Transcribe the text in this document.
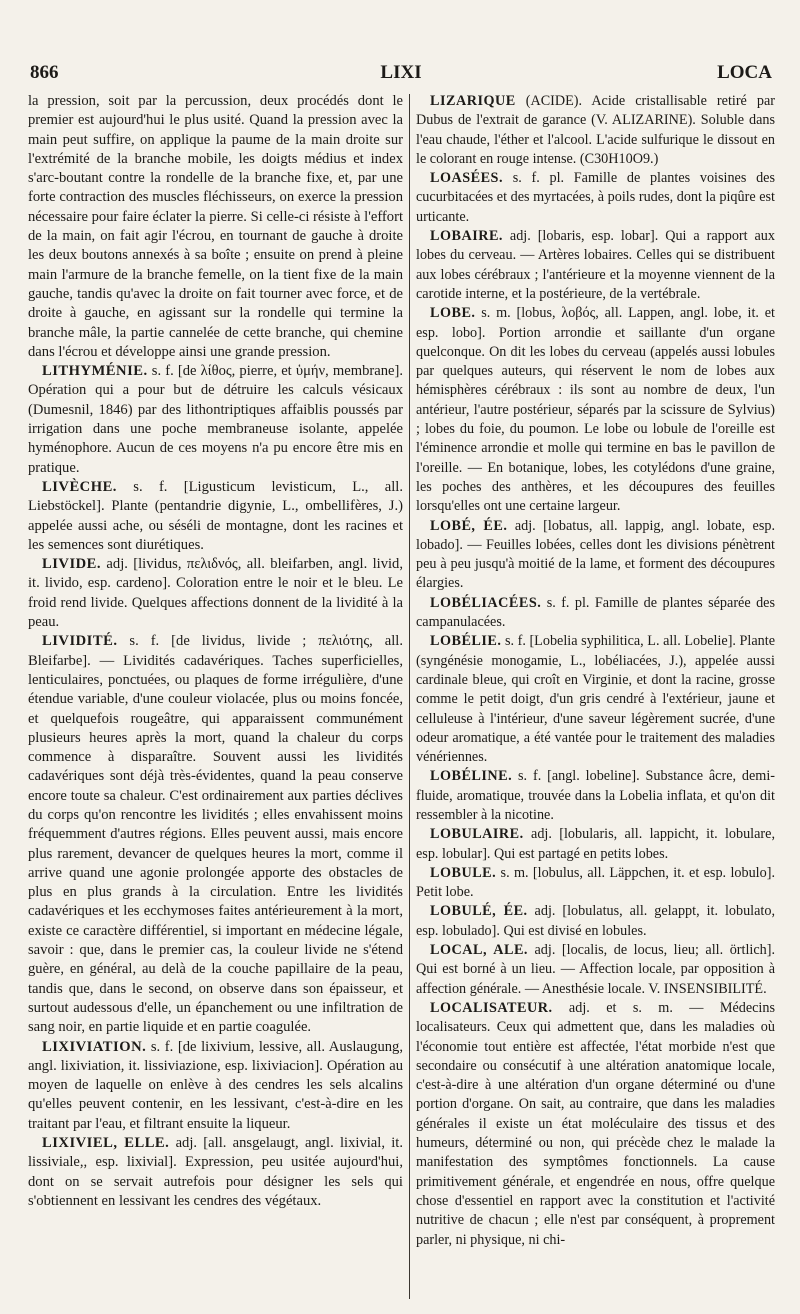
866	LIXI	LOCA

la pression, soit par la percussion, deux procédés dont le premier est aujourd'hui le plus usité. Quand la pression avec la main peut suffire, on applique la paume de la main droite sur l'extrémité de la branche mobile, les doigts médius et index s'arc-boutant contre la rondelle de la branche fixe, et, par une forte contraction des muscles fléchisseurs, on exerce la pression nécessaire pour faire éclater la pierre. Si celle-ci résiste à l'effort de la main, on fait agir l'écrou, en tournant de gauche à droite les deux boutons annexés à sa boîte ; ensuite on prend à pleine main l'armure de la branche femelle, on la tient fixe de la main gauche, tandis qu'avec la droite on fait tourner avec force, et de droite à gauche, en agissant sur la rondelle qui termine la branche mâle, la partie cannelée de cette branche, qui chemine dans l'écrou et développe ainsi une grande pression.

LITHYMÉNIE. s. f. [de λίθος, pierre, et ὑμήν, membrane]. Opération qui a pour but de détruire les calculs vésicaux (Dumesnil, 1846) par des lithontriptiques affaiblis poussés par irrigation dans une poche membraneuse isolante, appelée hyménophore. Aucun de ces moyens n'a pu encore être mis en pratique.

LIVÈCHE. s. f. [Ligusticum levisticum, L., all. Liebstöckel]. Plante (pentandrie digynie, L., ombellifères, J.) appelée aussi ache, ou séséli de montagne, dont les racines et les semences sont diurétiques.

LIVIDE. adj. [lividus, πελιδνός, all. bleifarben, angl. livid, it. livido, esp. cardeno]. Coloration entre le noir et le bleu. Le froid rend livide. Quelques affections donnent de la lividité à la peau.

LIVIDITÉ. s. f. [de lividus, livide ; πελιότης, all. Bleifarbe]. — Lividités cadavériques. Taches superficielles, lenticulaires, ponctuées, ou plaques de forme irrégulière, d'une étendue variable, d'une couleur violacée, plus ou moins foncée, et quelquefois rougeâtre, qui apparaissent communément plusieurs heures après la mort, quand la chaleur du corps commence à disparaître. Souvent aussi les lividités cadavériques sont déjà très-évidentes, quand la peau conserve encore toute sa chaleur. C'est ordinairement aux parties déclives du corps qu'on rencontre les lividités ; elles envahissent moins fréquemment d'autres régions. Elles peuvent aussi, mais encore plus rarement, devancer de quelques heures la mort, comme il arrive quand une agonie prolongée apporte des obstacles de plus en plus grands à la circulation. Entre les lividités cadavériques et les ecchymoses faites antérieurement à la mort, existe ce caractère différentiel, si important en médecine légale, savoir : que, dans le premier cas, la couleur livide ne s'étend guère, en général, au delà de la couche papillaire de la peau, tandis que, dans le second, on observe dans son épaisseur, et surtout audessous d'elle, un épanchement ou une infiltration de sang noir, en partie liquide et en partie coagulée.

LIXIVIATION. s. f. [de lixivium, lessive, all. Auslaugung, angl. lixiviation, it. lissiviazione, esp. lixiviacion]. Opération au moyen de laquelle on enlève à des cendres les sels alcalins qu'elles peuvent contenir, en les lessivant, c'est-à-dire en les traitant par l'eau, et filtrant ensuite la liqueur.

LIXIVIEL, ELLE. adj. [all. ansgelaugt, angl. lixivial, it. lissiviale,, esp. lixivial]. Expression, peu usitée aujourd'hui, dont on se servait autrefois pour désigner les sels qui s'obtiennent en lessivant les cendres des végétaux.

LIZARIQUE (ACIDE). Acide cristallisable retiré par Dubus de l'extrait de garance (V. ALIZARINE). Soluble dans l'eau chaude, l'éther et l'alcool. L'acide sulfurique le dissout en le colorant en rouge intense. (C30H10O9.)

LOASÉES. s. f. pl. Famille de plantes voisines des cucurbitacées et des myrtacées, à poils rudes, dont la piqûre est urticante.

LOBAIRE. adj. [lobaris, esp. lobar]. Qui a rapport aux lobes du cerveau. — Artères lobaires. Celles qui se distribuent aux lobes cérébraux ; l'antérieure et la moyenne viennent de la carotide interne, et la postérieure, de la vertébrale.

LOBE. s. m. [lobus, λοβός, all. Lappen, angl. lobe, it. et esp. lobo]. Portion arrondie et saillante d'un organe quelconque. On dit les lobes du cerveau (appelés aussi lobules par quelques auteurs, qui réservent le nom de lobes aux hémisphères cérébraux : ils sont au nombre de deux, l'un antérieur, l'autre postérieur, séparés par la scissure de Sylvius) ; lobes du foie, du poumon. Le lobe ou lobule de l'oreille est l'éminence arrondie et molle qui termine en bas le pavillon de l'oreille. — En botanique, lobes, les cotylédons d'une graine, les poches des anthères, et les découpures des feuilles lorsqu'elles ont une certaine largeur.

LOBÉ, ÉE. adj. [lobatus, all. lappig, angl. lobate, esp. lobado]. — Feuilles lobées, celles dont les divisions pénètrent peu à peu jusqu'à moitié de la lame, et forment des découpures élargies.

LOBÉLIACÉES. s. f. pl. Famille de plantes séparée des campanulacées.

LOBÉLIE. s. f. [Lobelia syphilitica, L. all. Lobelie]. Plante (syngénésie monogamie, L., lobéliacées, J.), appelée aussi cardinale bleue, qui croît en Virginie, et dont la racine, grosse comme le petit doigt, d'un gris cendré à l'extérieur, jaune et celluleuse à l'intérieur, d'une saveur légèrement sucrée, d'une odeur aromatique, a été vantée pour le traitement des maladies vénériennes.

LOBÉLINE. s. f. [angl. lobeline]. Substance âcre, demi-fluide, aromatique, trouvée dans la Lobelia inflata, et qu'on dit ressembler à la nicotine.

LOBULAIRE. adj. [lobularis, all. lappicht, it. lobulare, esp. lobular]. Qui est partagé en petits lobes.

LOBULE. s. m. [lobulus, all. Läppchen, it. et esp. lobulo]. Petit lobe.

LOBULÉ, ÉE. adj. [lobulatus, all. gelappt, it. lobulato, esp. lobulado]. Qui est divisé en lobules.

LOCAL, ALE. adj. [localis, de locus, lieu; all. örtlich]. Qui est borné à un lieu. — Affection locale, par opposition à affection générale. — Anesthésie locale. V. INSENSIBILITÉ.

LOCALISATEUR. adj. et s. m. — Médecins localisateurs. Ceux qui admettent que, dans les maladies où l'économie tout entière est affectée, l'état morbide n'est que secondaire ou consécutif à une altération anatomique locale, c'est-à-dire à une altération d'un organe déterminé ou d'une portion d'organe. On sait, au contraire, que dans les maladies générales il existe un état moléculaire des tissus et des humeurs, déterminé ou non, qui précède chez le malade la manifestation des symptômes fonctionnels. La cause primitivement générale, et engendrée en nous, offre quelque chose d'essentiel en rapport avec la constitution et l'activité nutritive de chacun ; elle n'est par conséquent, à proprement parler, ni physique, ni chi-
